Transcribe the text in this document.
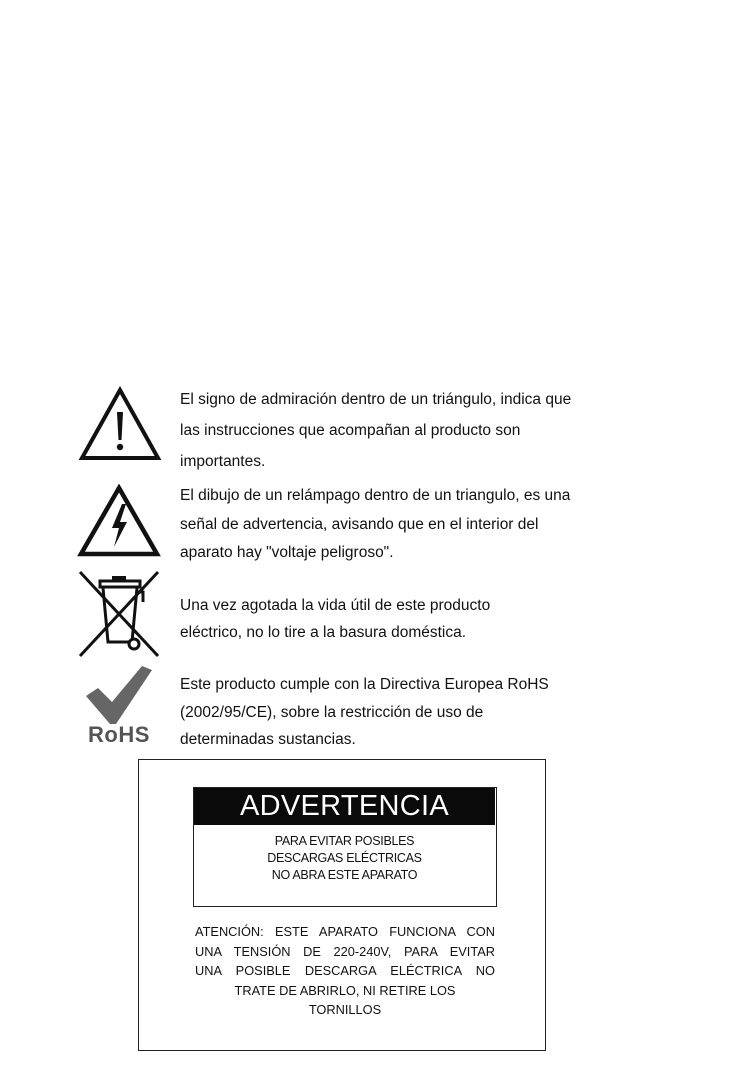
El signo de admiración dentro de un triángulo, indica que
las instrucciones que acompañan al producto son
importantes.
El dibujo de un relámpago dentro de un triangulo, es una
señal de advertencia, avisando que en el interior del
aparato hay "voltaje peligroso".
Una vez agotada la vida útil de este producto
eléctrico, no lo tire a la basura doméstica.
RoHS
Este producto cumple con la Directiva Europea RoHS
(2002/95/CE), sobre la restricción de uso de
determinadas sustancias.
ADVERTENCIA
PARA EVITAR POSIBLES
DESCARGAS ELÉCTRICAS
NO ABRA ESTE APARATO
ATENCIÓN: ESTE APARATO FUNCIONA CON
UNA TENSIÓN DE 220-240V, PARA EVITAR
UNA POSIBLE DESCARGA ELÉCTRICA NO
TRATE DE ABRIRLO, NI RETIRE LOS
TORNILLOS
